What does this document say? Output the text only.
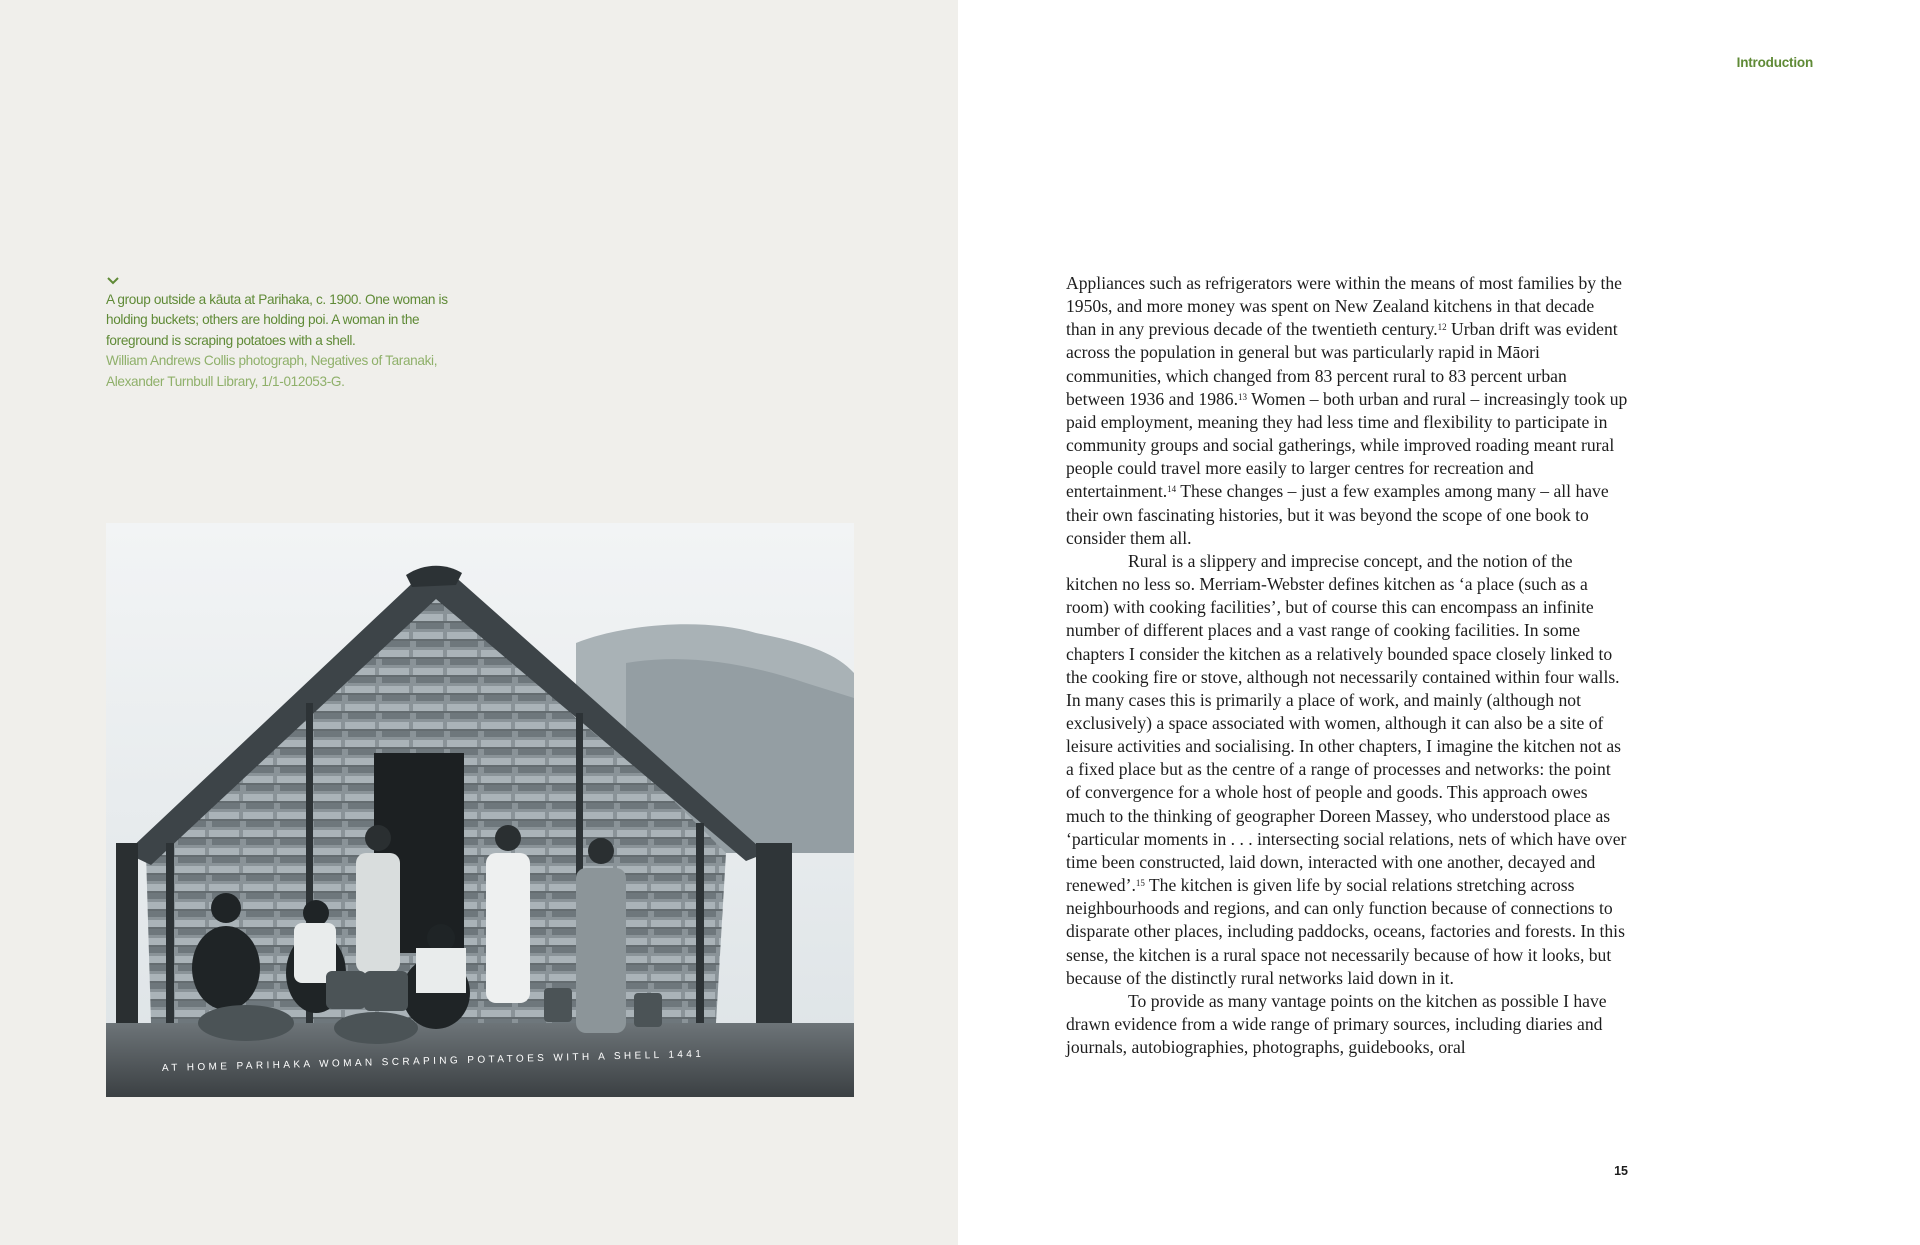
A group outside a kāuta at Parihaka, c. 1900. One woman is holding buckets; others are holding poi. A woman in the foreground is scraping potatoes with a shell.

William Andrews Collis photograph, Negatives of Taranaki, Alexander Turnbull Library, 1/1-012053-G.

AT HOME PARIHAKA WOMAN SCRAPING POTATOES WITH A SHELL 1441
Introduction

Appliances such as refrigerators were within the means of most families by the 1950s, and more money was spent on New Zealand kitchens in that decade than in any previous decade of the twentieth century.$^{12}$ Urban drift was evident across the population in general but was particularly rapid in Māori communities, which changed from 83 percent rural to 83 percent urban between 1936 and 1986.13 Women – both urban and rural – increasingly took up paid employment, meaning they had less time and flexibility to participate in community groups and social gatherings, while improved roading meant rural people could travel more easily to larger centres for recreation and entertainment.$^{14}$ These changes – just a few examples among many – all have their own fascinating histories, but it was beyond the scope of one book to consider them all.

Rural is a slippery and imprecise concept, and the notion of the kitchen no less so. Merriam-Webster defines kitchen as ‘a place (such as a room) with cooking facilities’, but of course this can encompass an infinite number of different places and a vast range of cooking facilities. In some chapters I consider the kitchen as a relatively bounded space closely linked to the cooking fire or stove, although not necessarily contained within four walls. In many cases this is primarily a place of work, and mainly (although not exclusively) a space associated with women, although it can also be a site of leisure activities and socialising. In other chapters, I imagine the kitchen not as a fixed place but as the centre of a range of processes and networks: the point of convergence for a whole host of people and goods. This approach owes much to the thinking of geographer Doreen Massey, who understood place as ‘particular moments in . . . intersecting social relations, nets of which have over time been constructed, laid down, interacted with one another, decayed and renewed’.$^{15}$ The kitchen is given life by social relations stretching across neighbourhoods and regions, and can only function because of connections to disparate other places, including paddocks, oceans, factories and forests. In this sense, the kitchen is a rural space not necessarily because of how it looks, but because of the distinctly rural networks laid down in it.

To provide as many vantage points on the kitchen as possible I have drawn evidence from a wide range of primary sources, including diaries and journals, autobiographies, photographs, guidebooks, oral

15
